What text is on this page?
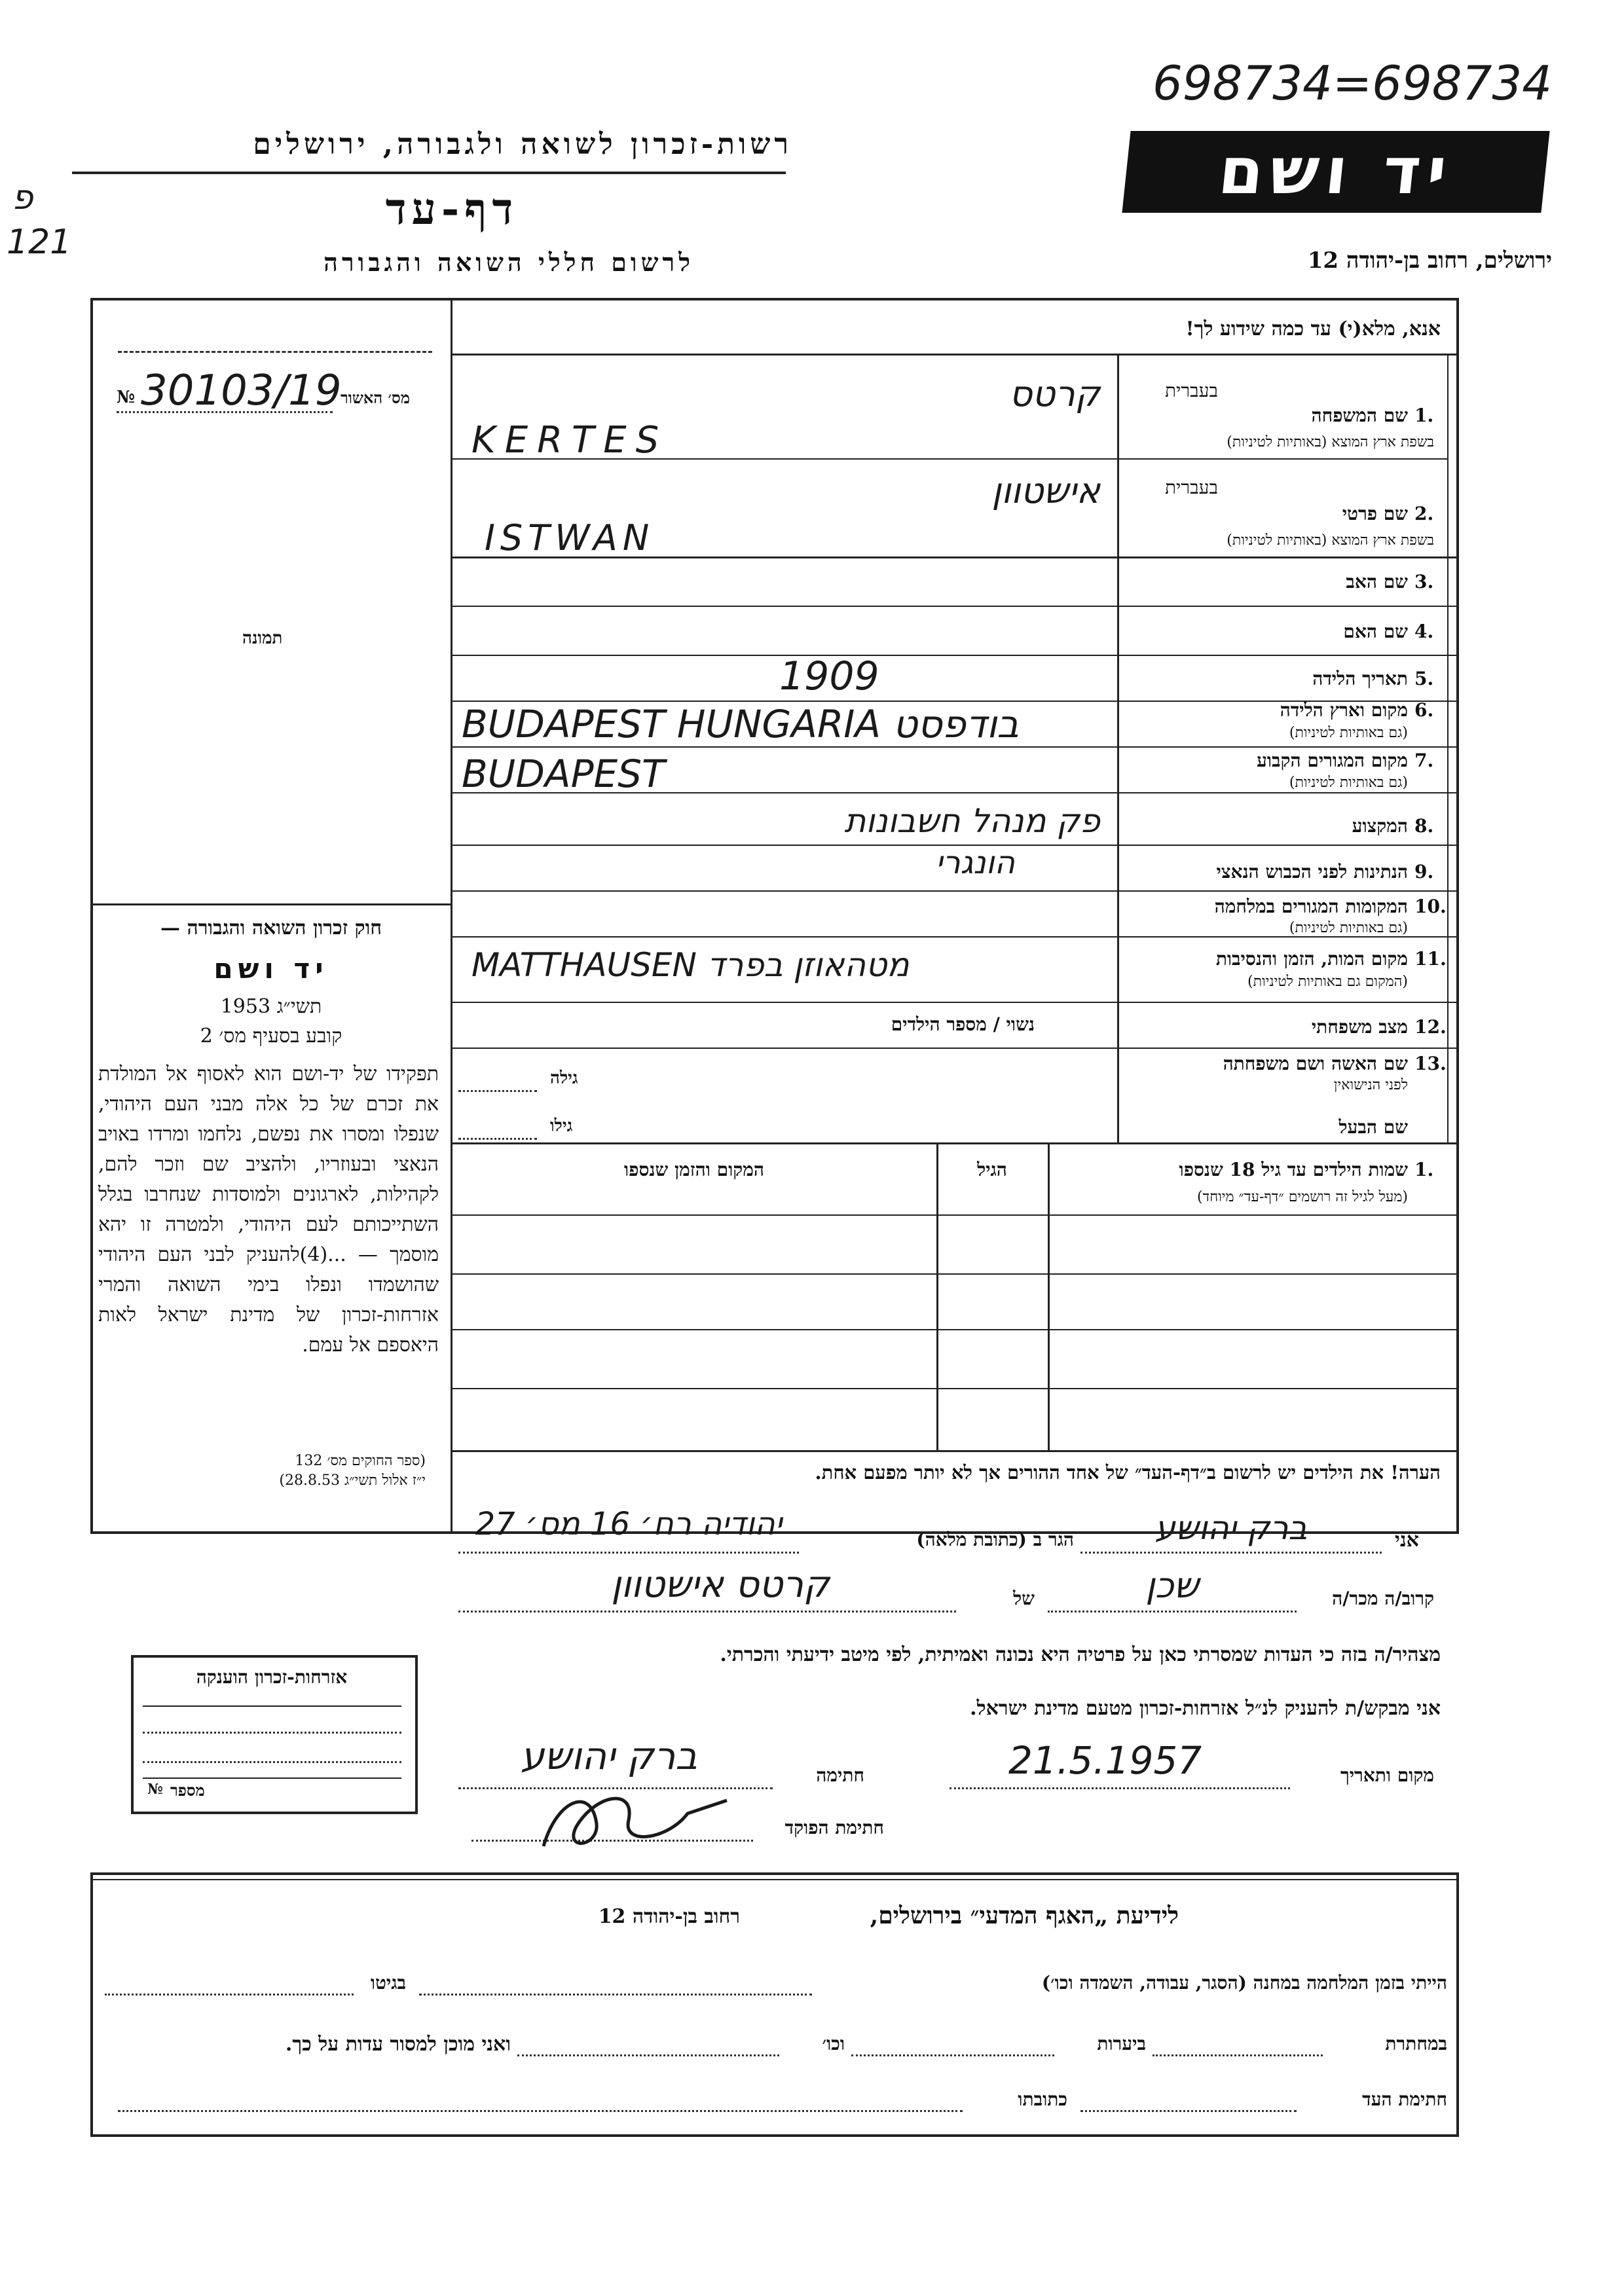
פ
121
רשות-זכרון לשואה ולגבורה, ירושלים
דף-עד
לרשום חללי השואה והגבורה
698734=698734
יד ושם
ירושלים, רחוב בן-יהודה 12
אנא, מלא(י) עד כמה שידוע לך!
מס׳ האשור
№ 30103/19
תמונה
חוק זכרון השואה והגבורה —
יד ושם
תשי״ג 1953
קובע בסעיף מס׳ 2
תפקידו של יד-ושם הוא לאסוף אל המולדת את זכרם של כל אלה מבני העם היהודי, שנפלו ומסרו את נפשם, נלחמו ומרדו באויב הנאצי ובעוזריו, ולהציב שם וזכר להם, לקהילות, לארגונים ולמוסדות שנחרבו בגלל השתייכותם לעם היהודי, ולמטרה זו יהא מוסמך — ...(4)להעניק לבני העם היהודי שהושמדו ונפלו בימי השואה והמרי אזרחות-זכרון של מדינת ישראל לאות היאספם אל עמם.
(ספר החוקים מס׳ 132
י״ז אלול תשי״ג 28.8.53)
1.
שם המשפחה
בשפת ארץ המוצא (באותיות לטיניות)
בעברית
קרטס
KERTES
2.
שם פרטי
בשפת ארץ המוצא (באותיות לטיניות)
בעברית
אישטוון
ISTWAN
3.
שם האב
4.
שם האם
5.
תאריך הלידה
1909
6.
מקום וארץ הלידה
(גם באותיות לטיניות)
BUDAPEST HUNGARIA בודפסט
7.
מקום המגורים הקבוע
(גם באותיות לטיניות)
BUDAPEST
8.
המקצוע
פק מנהל חשבונות
9.
הנתינות לפני הכבוש הנאצי
הונגרי
10.
המקומות המגורים במלחמה
(גם באותיות לטיניות)
11.
מקום המות, הזמן והנסיבות
(המקום גם באותיות לטיניות)
MATTHAUSEN מטהאוזן בפרד
12.
מצב משפחתי
נשוי / מספר הילדים
13.
שם האשה ושם משפחתה
לפני הנישואין
גילה
שם הבעל
גילו
1.
שמות הילדים עד גיל 18 שנספו
(מעל לגיל זה רושמים ״דף-עד״ מיוחד)
הגיל
המקום והזמן שנספו
הערה! את הילדים יש לרשום ב״דף-העד״ של אחד ההורים אך לא יותר מפעם אחת.
אני
ברק יהושע
הגר ב (כתובת מלאה)
יהודיה רח׳ 16 מס׳ 27
קרוב/ה מכר/ה
שכן
של
קרטס אישטוון
מצהיר/ה בזה כי העדות שמסרתי כאן על פרטיה היא נכונה ואמיתית, לפי מיטב ידיעתי והכרתי.
אני מבקש/ת להעניק לנ״ל אזרחות-זכרון מטעם מדינת ישראל.
מקום ותאריך
21.5.1957
חתימה
ברק יהושע
חתימת הפוקד
אזרחות-זכרון הוענקה
מספר
№
לידיעת „האגף המדעי״ בירושלים,
רחוב בן-יהודה 12
הייתי בזמן המלחמה במחנה (הסגר, עבודה, השמדה וכו׳)
בגיטו
במחתרת
ביערות
וכו׳
ואני מוכן למסור עדות על כך.
חתימת העד
כתובתו
